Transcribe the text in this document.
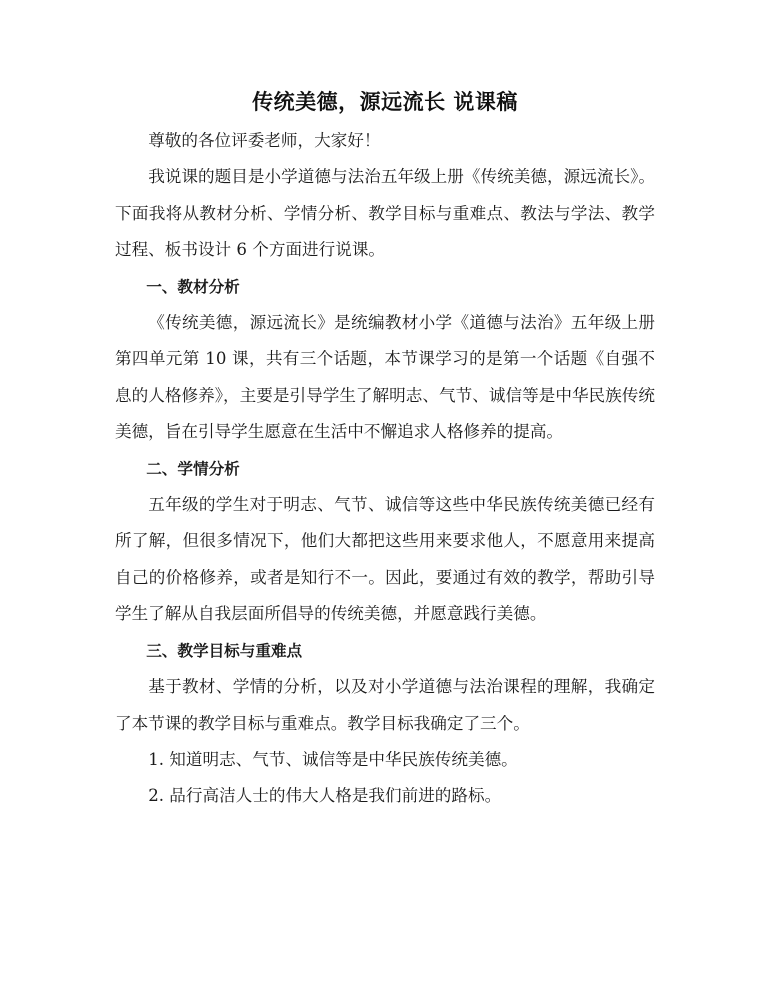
传统美德，源远流长 说课稿

尊敬的各位评委老师，大家好！

我说课的题目是小学道德与法治五年级上册《传统美德，源远流长》。下面我将从教材分析、学情分析、教学目标与重难点、教法与学法、教学过程、板书设计 6 个方面进行说课。

一、教材分析

《传统美德，源远流长》是统编教材小学《道德与法治》五年级上册第四单元第 10 课，共有三个话题，本节课学习的是第一个话题《自强不息的人格修养》，主要是引导学生了解明志、气节、诚信等是中华民族传统美德，旨在引导学生愿意在生活中不懈追求人格修养的提高。

二、学情分析

五年级的学生对于明志、气节、诚信等这些中华民族传统美德已经有所了解，但很多情况下，他们大都把这些用来要求他人，不愿意用来提高自己的价格修养，或者是知行不一。因此，要通过有效的教学，帮助引导学生了解从自我层面所倡导的传统美德，并愿意践行美德。

三、教学目标与重难点

基于教材、学情的分析，以及对小学道德与法治课程的理解，我确定了本节课的教学目标与重难点。教学目标我确定了三个。

1. 知道明志、气节、诚信等是中华民族传统美德。

2. 品行高洁人士的伟大人格是我们前进的路标。
